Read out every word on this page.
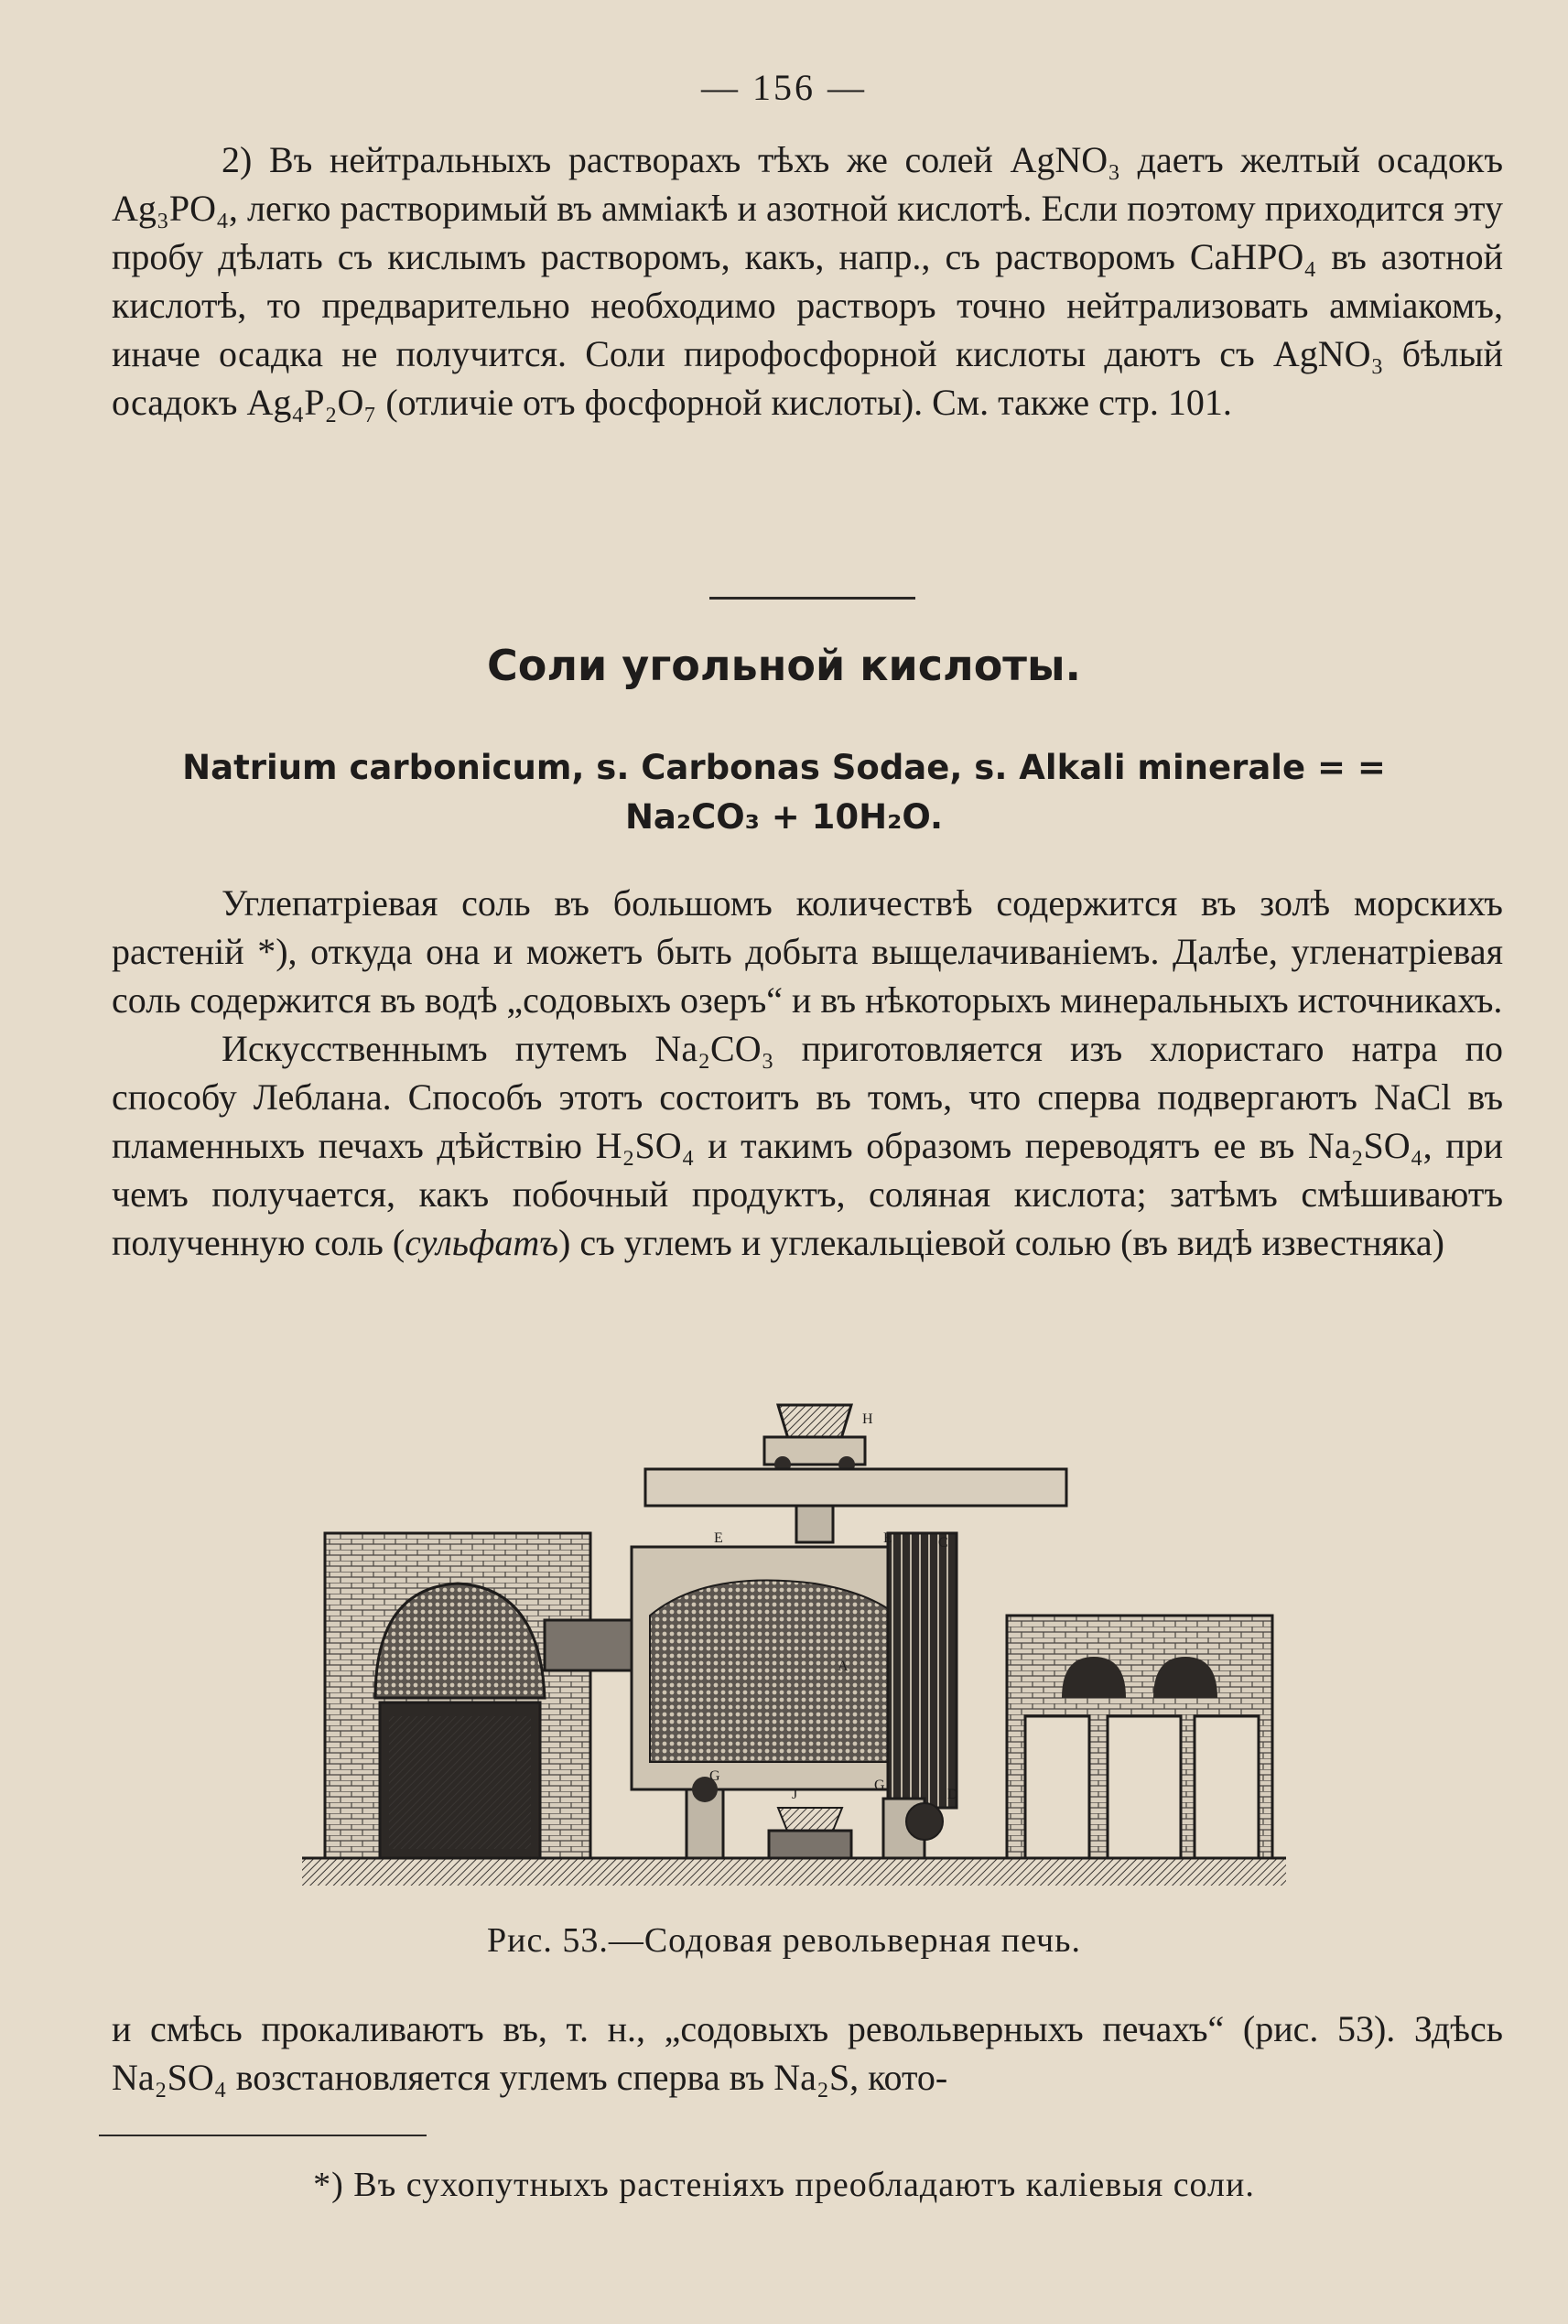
— 156 —

2) Въ нейтральныхъ растворахъ тѣхъ же солей AgNO₃ даетъ желтый осадокъ Ag₃PO₄, легко растворимый въ амміакѣ и азотной кислотѣ. Если поэтому приходится эту пробу дѣлать съ кислымъ растворомъ, какъ, напр., съ растворомъ CaHPO₄ въ азотной кислотѣ, то предварительно необходимо растворъ точно нейтрализовать амміакомъ, иначе осадка не получится. Соли пирофосфорной кислоты даютъ съ AgNO₃ бѣлый осадокъ Ag₄P₂O₇ (отличіе отъ фосфорной кислоты). См. также стр. 101.

Соли угольной кислоты.
Natrium carbonicum, s. Carbonas Sodae, s. Alkali minerale = = Na₂CO₃ + 10H₂O.

Углепатріевая соль въ большомъ количествѣ содержится въ золѣ морскихъ растеній *), откуда она и можетъ быть добыта выщелачиваніемъ. Далѣе, угленатріевая соль содержится въ водѣ „содовыхъ озеръ“ и въ нѣкоторыхъ минеральныхъ источникахъ.

Искусственнымъ путемъ Na₂CO₃ приготовляется изъ хлористаго натра по способу Леблана. Способъ этотъ состоитъ въ томъ, что сперва подвергаютъ NaCl въ пламенныхъ печахъ дѣйствію H₂SO₄ и такимъ образомъ переводятъ ее въ Na₂SO₄, при чемъ получается, какъ побочный продуктъ, соляная кислота; затѣмъ смѣшиваютъ полученную соль (сульфатъ) съ углемъ и углекальціевой солью (въ видѣ известняка)

H
E	E	C
A
G
J
G
D
Рис. 53.—Содовая револьверная печь.

и смѣсь прокаливаютъ въ, т. н., „содовыхъ револьверныхъ печахъ“ (рис. 53). Здѣсь Na₂SO₄ возстановляется углемъ сперва въ Na₂S, кото-

*) Въ сухопутныхъ растеніяхъ преобладаютъ каліевыя соли.
